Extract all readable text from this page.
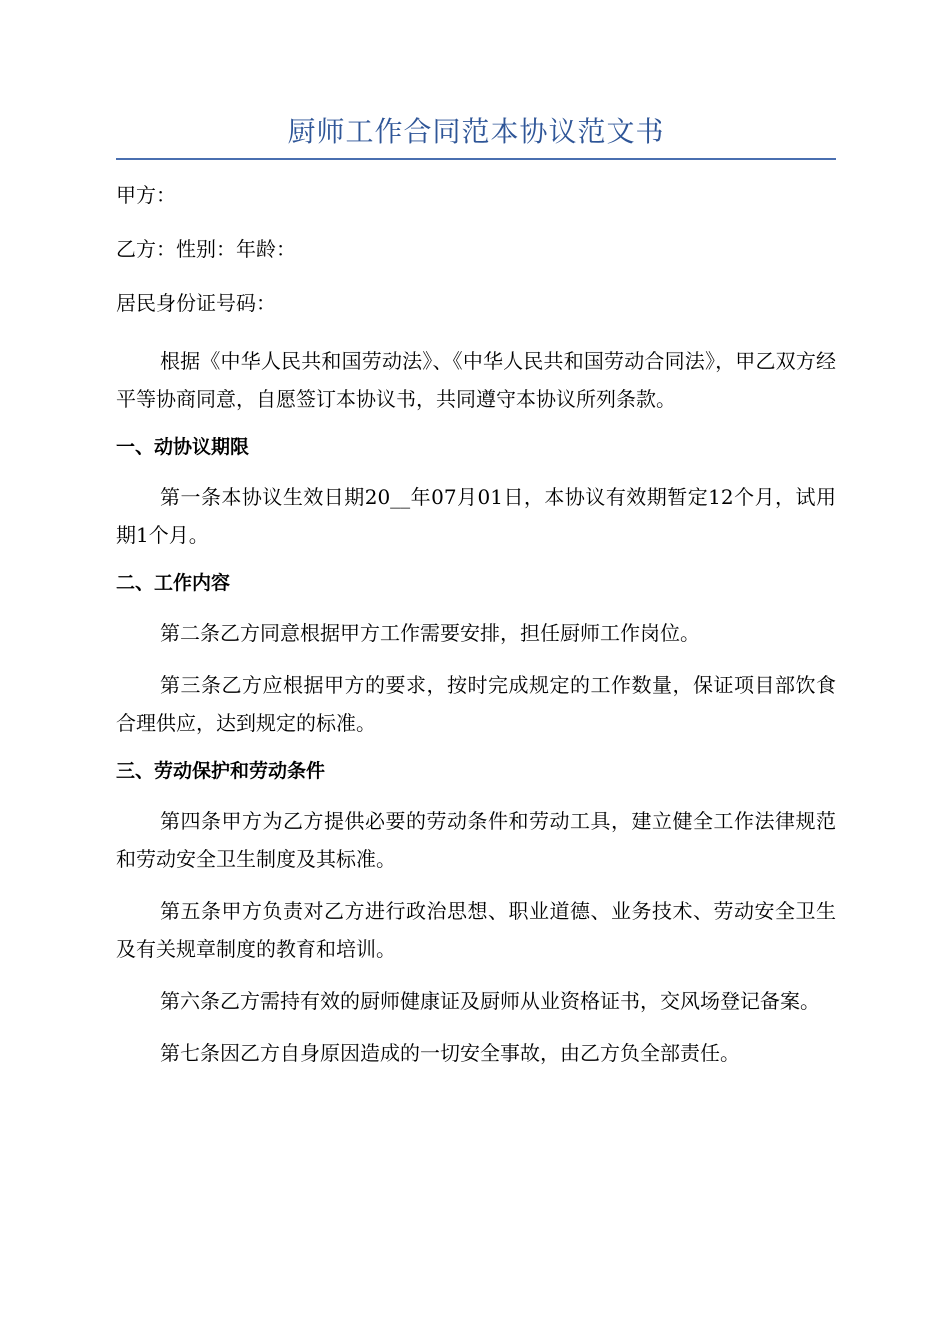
厨师工作合同范本协议范文书
甲方：
乙方：性别：年龄：
居民身份证号码：

根据《中华人民共和国劳动法》、《中华人民共和国劳动合同法》，甲乙双方经平等协商同意，自愿签订本协议书，共同遵守本协议所列条款。

一、动协议期限

第一条本协议生效日期20__年07月01日，本协议有效期暂定12个月，试用期1个月。

二、工作内容

第二条乙方同意根据甲方工作需要安排，担任厨师工作岗位。

第三条乙方应根据甲方的要求，按时完成规定的工作数量，保证项目部饮食合理供应，达到规定的标准。

三、劳动保护和劳动条件

第四条甲方为乙方提供必要的劳动条件和劳动工具，建立健全工作法律规范和劳动安全卫生制度及其标准。

第五条甲方负责对乙方进行政治思想、职业道德、业务技术、劳动安全卫生及有关规章制度的教育和培训。

第六条乙方需持有效的厨师健康证及厨师从业资格证书，交风场登记备案。

第七条因乙方自身原因造成的一切安全事故，由乙方负全部责任。
